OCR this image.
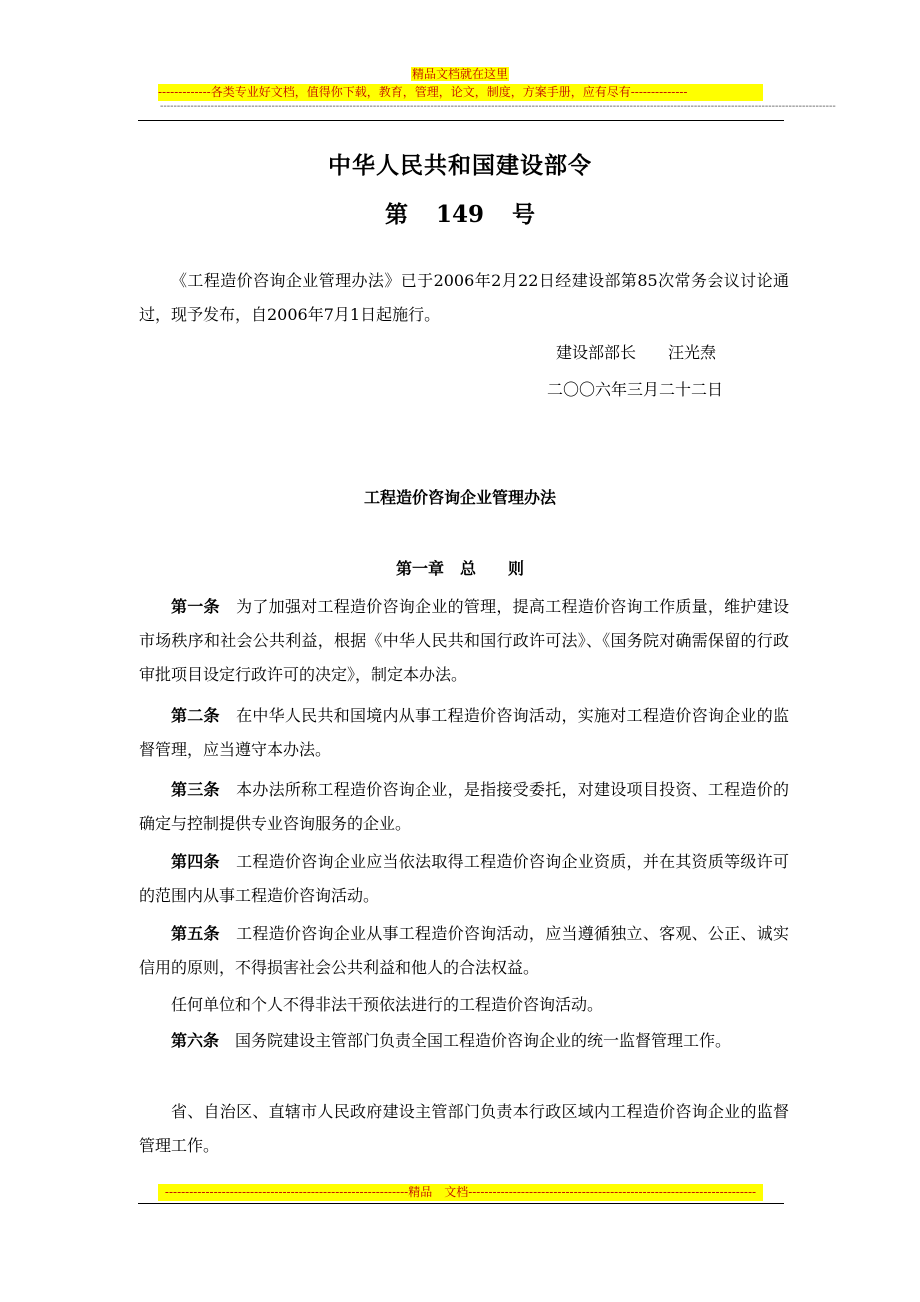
精品文档就在这里
-------------各类专业好文档，值得你下载，教育，管理，论文，制度，方案手册，应有尽有--------------
--------------------------------------------------------------------------------------------------------------------------------------------------------------------------------------------------------
中华人民共和国建设部令
第 149 号
《工程造价咨询企业管理办法》已于2006年2月22日经建设部第85次常务会议讨论通过，现予发布，自2006年7月1日起施行。
建设部部长　　汪光焘
二〇〇六年三月二十二日
工程造价咨询企业管理办法
第一章　总　　则
第一条　 为了加强对工程造价咨询企业的管理，提高工程造价咨询工作质量，维护建设市场秩序和社会公共利益，根据《中华人民共和国行政许可法》、《国务院对确需保留的行政审批项目设定行政许可的决定》，制定本办法。
第二条　 在中华人民共和国境内从事工程造价咨询活动，实施对工程造价咨询企业的监督管理，应当遵守本办法。
第三条　 本办法所称工程造价咨询企业，是指接受委托，对建设项目投资、工程造价的确定与控制提供专业咨询服务的企业。
第四条　 工程造价咨询企业应当依法取得工程造价咨询企业资质，并在其资质等级许可的范围内从事工程造价咨询活动。
第五条　 工程造价咨询企业从事工程造价咨询活动，应当遵循独立、客观、公正、诚实信用的原则，不得损害社会公共利益和他人的合法权益。
任何单位和个人不得非法干预依法进行的工程造价咨询活动。
第六条　 国务院建设主管部门负责全国工程造价咨询企业的统一监督管理工作。
省、自治区、直辖市人民政府建设主管部门负责本行政区域内工程造价咨询企业的监督管理工作。
------------------------------------------------------------精品　文档-----------------------------------------------------------------------
